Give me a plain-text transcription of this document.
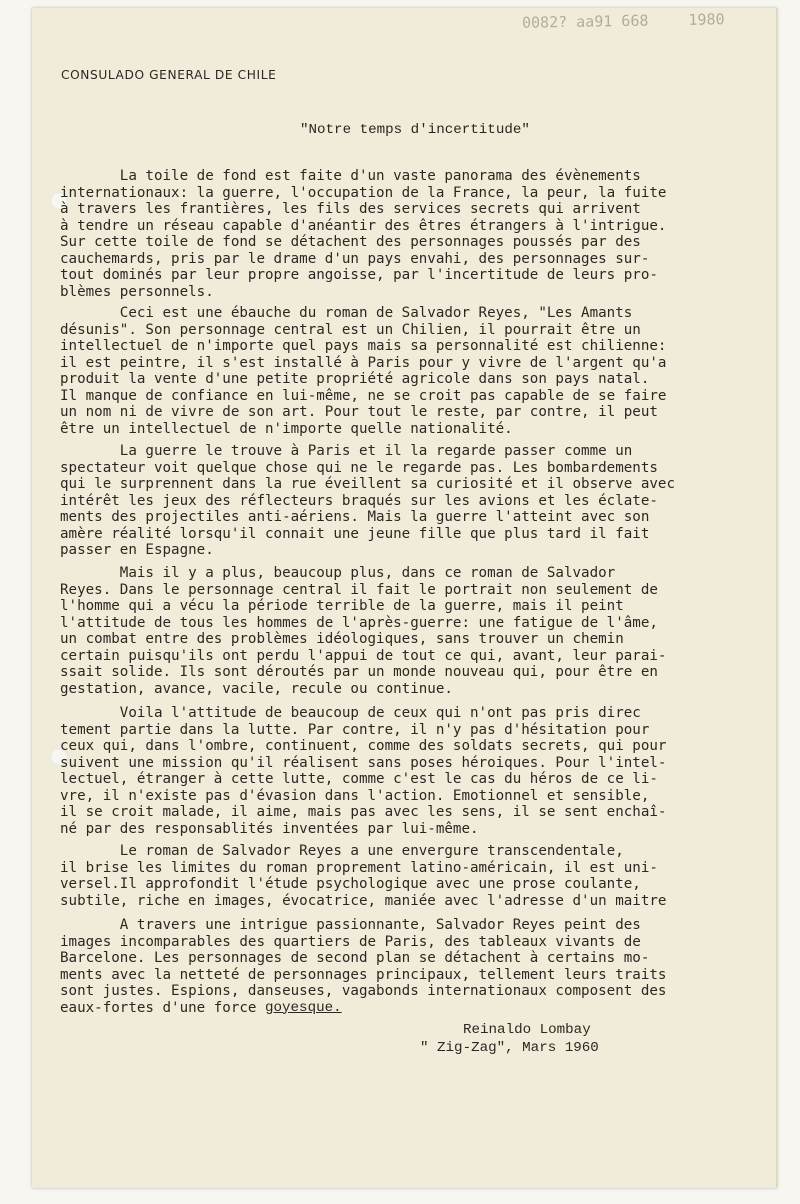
0082? aa91 668	1980
CONSULADO GENERAL DE CHILE
"Notre temps d'incertitude"
La toile de fond est faite d'un vaste panorama des évènements
internationaux: la guerre, l'occupation de la France, la peur, la fuite
à travers les frantières, les fils des services secrets qui arrivent
à tendre un réseau capable d'anéantir des êtres étrangers à l'intrigue.
Sur cette toile de fond se détachent des personnages poussés par des
cauchemards, pris par le drame d'un pays envahi, des personnages sur-
tout dominés par leur propre angoisse, par l'incertitude de leurs pro-
blèmes personnels.
Ceci est une ébauche du roman de Salvador Reyes, "Les Amants
désunis". Son personnage central est un Chilien, il pourrait être un
intellectuel de n'importe quel pays mais sa personnalité est chilienne:
il est peintre, il s'est installé à Paris pour y vivre de l'argent qu'a
produit la vente d'une petite propriété agricole dans son pays natal.
Il manque de confiance en lui-même, ne se croit pas capable de se faire
un nom ni de vivre de son art. Pour tout le reste, par contre, il peut
être un intellectuel de n'importe quelle nationalité.
La guerre le trouve à Paris et il la regarde passer comme un
spectateur voit quelque chose qui ne le regarde pas. Les bombardements
qui le surprennent dans la rue éveillent sa curiosité et il observe avec
intérêt les jeux des réflecteurs braqués sur les avions et les éclate-
ments des projectiles anti-aériens. Mais la guerre l'atteint avec son
amère réalité lorsqu'il connait une jeune fille que plus tard il fait
passer en Espagne.
Mais il y a plus, beaucoup plus, dans ce roman de Salvador
Reyes. Dans le personnage central il fait le portrait non seulement de
l'homme qui a vécu la période terrible de la guerre, mais il peint
l'attitude de tous les hommes de l'après-guerre: une fatigue de l'âme,
un combat entre des problèmes idéologiques, sans trouver un chemin
certain puisqu'ils ont perdu l'appui de tout ce qui, avant, leur parai-
ssait solide. Ils sont déroutés par un monde nouveau qui, pour être en
gestation, avance, vacile, recule ou continue.
Voila l'attitude de beaucoup de ceux qui n'ont pas pris direc
tement partie dans la lutte. Par contre, il n'y pas d'hésitation pour
ceux qui, dans l'ombre, continuent, comme des soldats secrets, qui pour
suivent une mission qu'il réalisent sans poses héroiques. Pour l'intel-
lectuel, étranger à cette lutte, comme c'est le cas du héros de ce li-
vre, il n'existe pas d'évasion dans l'action. Emotionnel et sensible,
il se croit malade, il aime, mais pas avec les sens, il se sent enchaî-
né par des responsablités inventées par lui-même.
Le roman de Salvador Reyes a une envergure transcendentale,
il brise les limites du roman proprement latino-américain, il est uni-
versel.Il approfondit l'étude psychologique avec une prose coulante,
subtile, riche en images, évocatrice, maniée avec l'adresse d'un maitre
A travers une intrigue passionnante, Salvador Reyes peint des
images incomparables des quartiers de Paris, des tableaux vivants de
Barcelone. Les personnages de second plan se détachent à certains mo-
ments avec la netteté de personnages principaux, tellement leurs traits
sont justes. Espions, danseuses, vagabonds internationaux composent des
eaux-fortes d'une force goyesque.
Reinaldo Lombay
" Zig-Zag", Mars 1960
